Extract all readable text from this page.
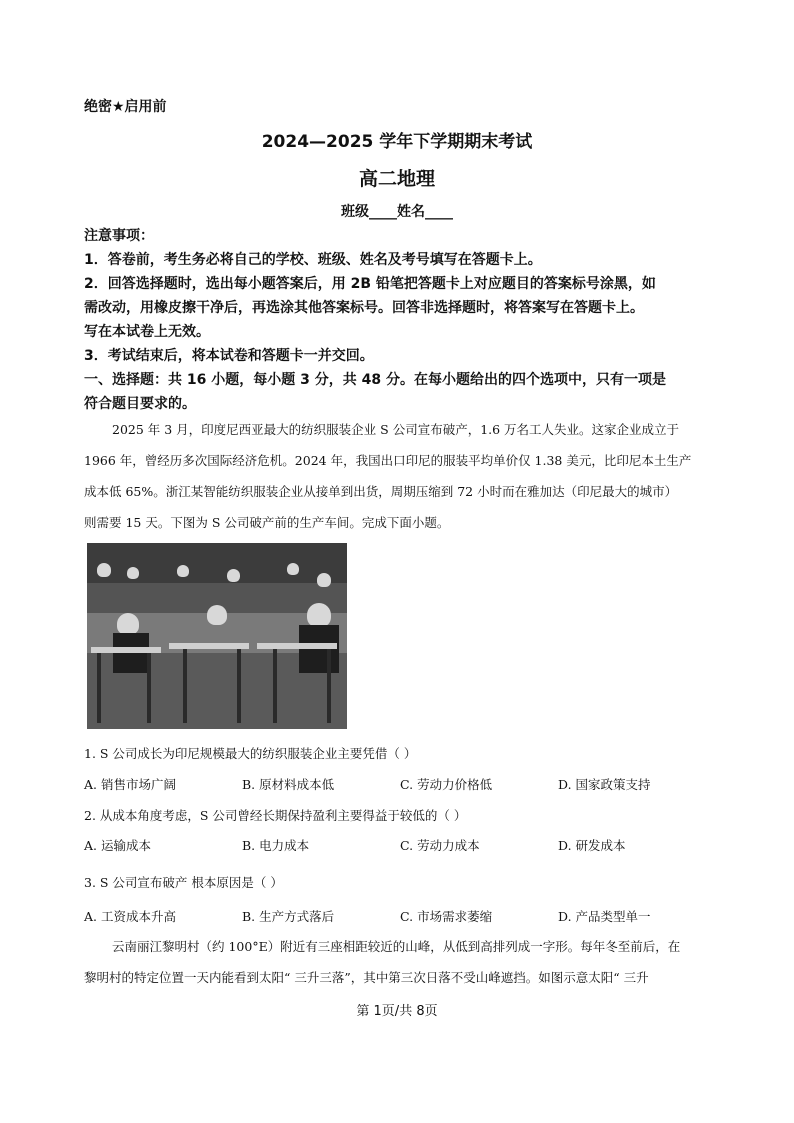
绝密★启用前
2024—2025 学年下学期期末考试
高二地理
班级____姓名____
注意事项：
1．答卷前，考生务必将自己的学校、班级、姓名及考号填写在答题卡上。
2．回答选择题时，选出每小题答案后，用 2B 铅笔把答题卡上对应题目的答案标号涂黑，如
需改动，用橡皮擦干净后，再选涂其他答案标号。回答非选择题时，将答案写在答题卡上。
写在本试卷上无效。
3．考试结束后，将本试卷和答题卡一并交回。
一、选择题：共 16 小题，每小题 3 分，共 48 分。在每小题给出的四个选项中，只有一项是
符合题目要求的。
2025 年 3 月，印度尼西亚最大的纺织服装企业 S 公司宣布破产，1.6 万名工人失业。这家企业成立于
1966 年，曾经历多次国际经济危机。2024 年，我国出口印尼的服装平均单价仅 1.38 美元，比印尼本土生产
成本低 65%。浙江某智能纺织服装企业从接单到出货，周期压缩到 72 小时而在雅加达（印尼最大的城市）
则需要 15 天。下图为 S 公司破产前的生产车间。完成下面小题。
1. S 公司成长为印尼规模最大的纺织服装企业主要凭借（ ）
A. 销售市场广阔	B. 原材料成本低	C. 劳动力价格低	D. 国家政策支持
2. 从成本角度考虑，S 公司曾经长期保持盈利主要得益于较低的（ ）
A. 运输成本	B. 电力成本	C. 劳动力成本	D. 研发成本
3. S 公司宣布破产 根本原因是（ ）
A. 工资成本升高	B. 生产方式落后	C. 市场需求萎缩	D. 产品类型单一
云南丽江黎明村（约 100°E）附近有三座相距较近的山峰，从低到高排列成一字形。每年冬至前后，在
黎明村的特定位置一天内能看到太阳“ 三升三落”，其中第三次日落不受山峰遮挡。如图示意太阳“ 三升
第 1页/共 8页
